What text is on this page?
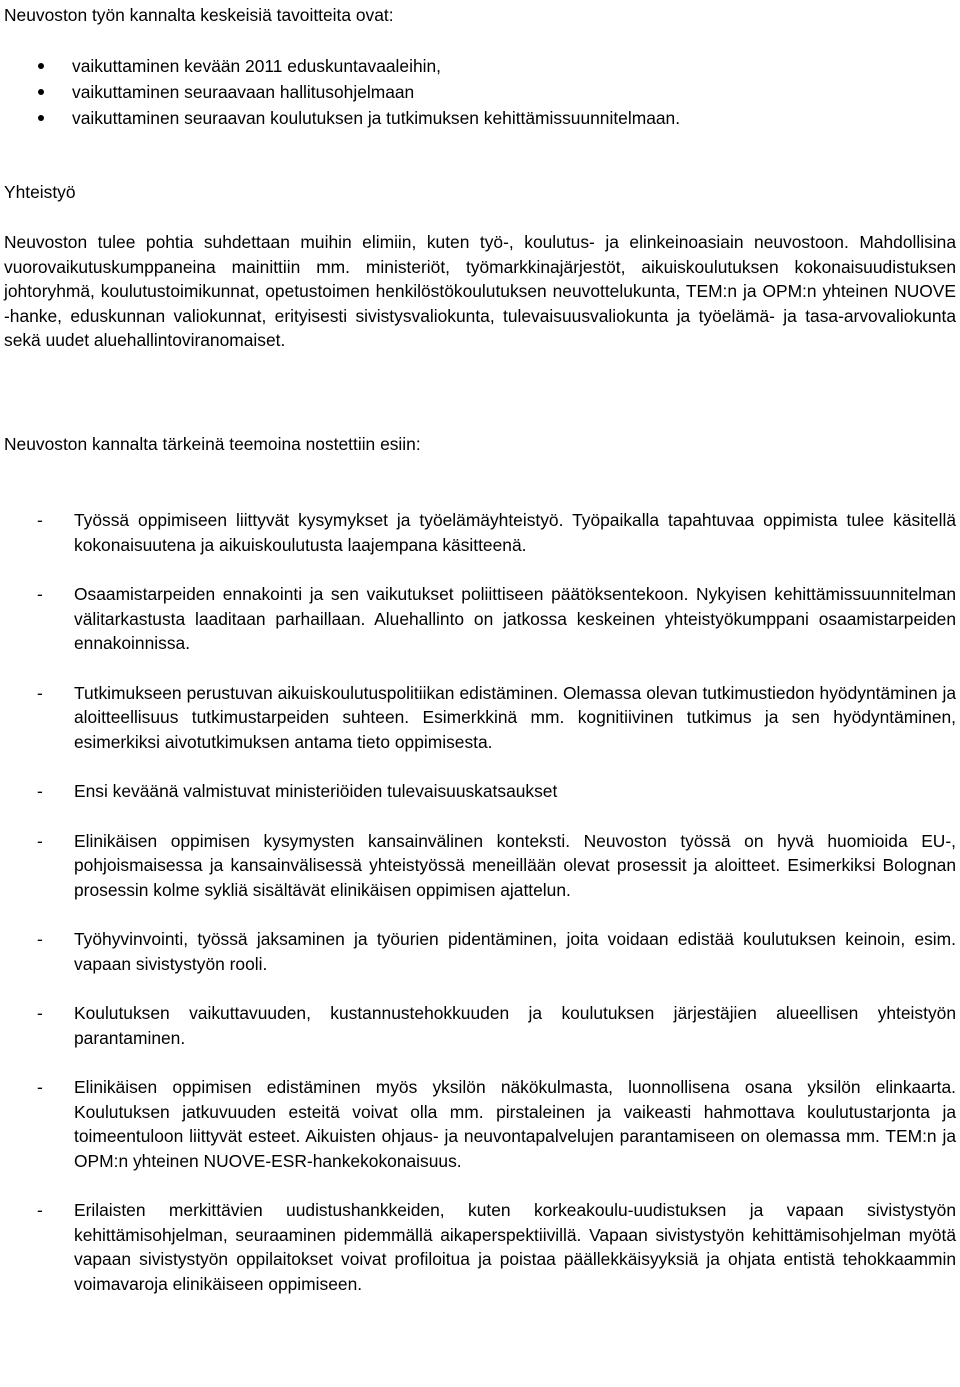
Neuvoston työn kannalta keskeisiä tavoitteita ovat:

vaikuttaminen kevään 2011 eduskuntavaaleihin,
vaikuttaminen seuraavaan hallitusohjelmaan
vaikuttaminen seuraavan koulutuksen ja tutkimuksen kehittämissuunnitelmaan.

Yhteistyö

Neuvoston tulee pohtia suhdettaan muihin elimiin, kuten työ-, koulutus- ja elinkeinoasiain neuvostoon. Mahdollisina vuorovaikutuskumppaneina mainittiin mm. ministeriöt, työmarkkinajärjestöt, aikuiskoulutuksen kokonaisuudistuksen johtoryhmä, koulutustoimikunnat, opetustoimen henkilöstökoulutuksen neuvottelukunta, TEM:n ja OPM:n yhteinen NUOVE -hanke, eduskunnan valiokunnat, erityisesti sivistysvaliokunta, tulevaisuusvaliokunta ja työelämä- ja tasa-arvovaliokunta sekä uudet aluehallintoviranomaiset.

Neuvoston kannalta tärkeinä teemoina nostettiin esiin:

- Työssä oppimiseen liittyvät kysymykset ja työelämäyhteistyö. Työpaikalla tapahtuvaa oppimista tulee käsitellä kokonaisuutena ja aikuiskoulutusta laajempana käsitteenä.

- Osaamistarpeiden ennakointi ja sen vaikutukset poliittiseen päätöksentekoon. Nykyisen kehittämissuunnitelman välitarkastusta laaditaan parhaillaan. Aluehallinto on jatkossa keskeinen yhteistyökumppani osaamistarpeiden ennakoinnissa.

- Tutkimukseen perustuvan aikuiskoulutuspolitiikan edistäminen. Olemassa olevan tutkimustiedon hyödyntäminen ja aloitteellisuus tutkimustarpeiden suhteen. Esimerkkinä mm. kognitiivinen tutkimus ja sen hyödyntäminen, esimerkiksi aivotutkimuksen antama tieto oppimisesta.

- Ensi keväänä valmistuvat ministeriöiden tulevaisuuskatsaukset

- Elinikäisen oppimisen kysymysten kansainvälinen konteksti. Neuvoston työssä on hyvä huomioida EU-, pohjoismaisessa ja kansainvälisessä yhteistyössä meneillään olevat prosessit ja aloitteet. Esimerkiksi Bolognan prosessin kolme sykliä sisältävät elinikäisen oppimisen ajattelun.

- Työhyvinvointi, työssä jaksaminen ja työurien pidentäminen, joita voidaan edistää koulutuksen keinoin, esim. vapaan sivistystyön rooli.

- Koulutuksen vaikuttavuuden, kustannustehokkuuden ja koulutuksen järjestäjien alueellisen yhteistyön parantaminen.

- Elinikäisen oppimisen edistäminen myös yksilön näkökulmasta, luonnollisena osana yksilön elinkaarta. Koulutuksen jatkuvuuden esteitä voivat olla mm. pirstaleinen ja vaikeasti hahmottava koulutustarjonta ja toimeentuloon liittyvät esteet. Aikuisten ohjaus- ja neuvontapalvelujen parantamiseen on olemassa mm. TEM:n ja OPM:n yhteinen NUOVE-ESR-hankekokonaisuus.

- Erilaisten merkittävien uudistushankkeiden, kuten korkeakoulu-uudistuksen ja vapaan sivistystyön kehittämisohjelman, seuraaminen pidemmällä aikaperspektiivillä. Vapaan sivistystyön kehittämisohjelman myötä vapaan sivistystyön oppilaitokset voivat profiloitua ja poistaa päällekkäisyyksiä ja ohjata entistä tehokkaammin voimavaroja elinikäiseen oppimiseen.
